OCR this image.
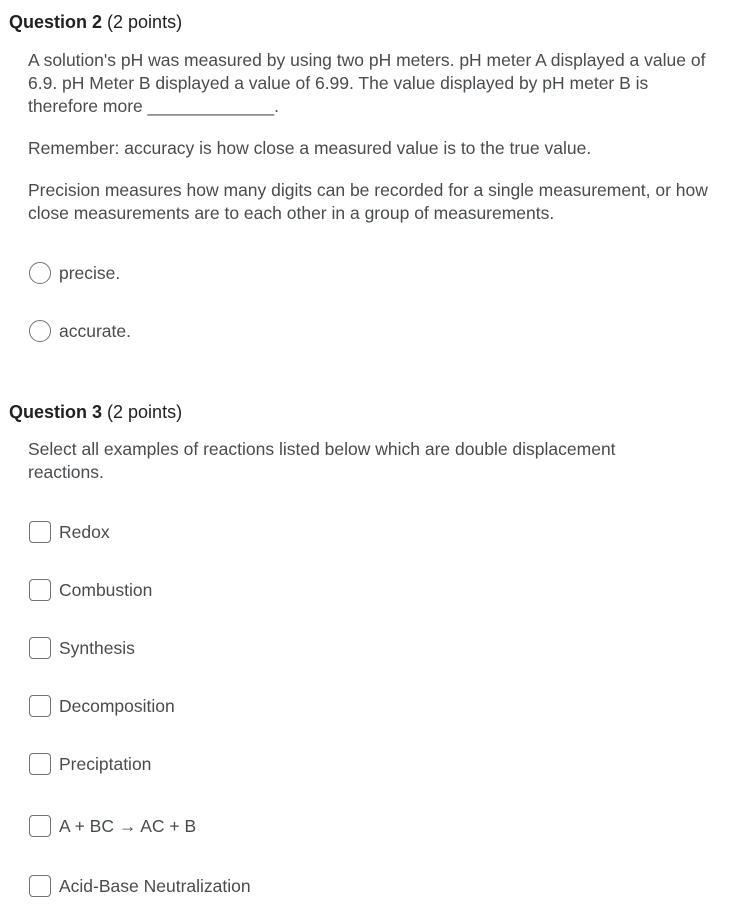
Question 2 (2 points)
A solution's pH was measured by using two pH meters. pH meter A displayed a value of 6.9. pH Meter B displayed a value of 6.99. The value displayed by pH meter B is therefore more _____________.
Remember: accuracy is how close a measured value is to the true value.
Precision measures how many digits can be recorded for a single measurement, or how close measurements are to each other in a group of measurements.
precise.
accurate.
Question 3 (2 points)
Select all examples of reactions listed below which are double displacement reactions.
Redox
Combustion
Synthesis
Decomposition
Preciptation
A + BC → AC + B
Acid-Base Neutralization
